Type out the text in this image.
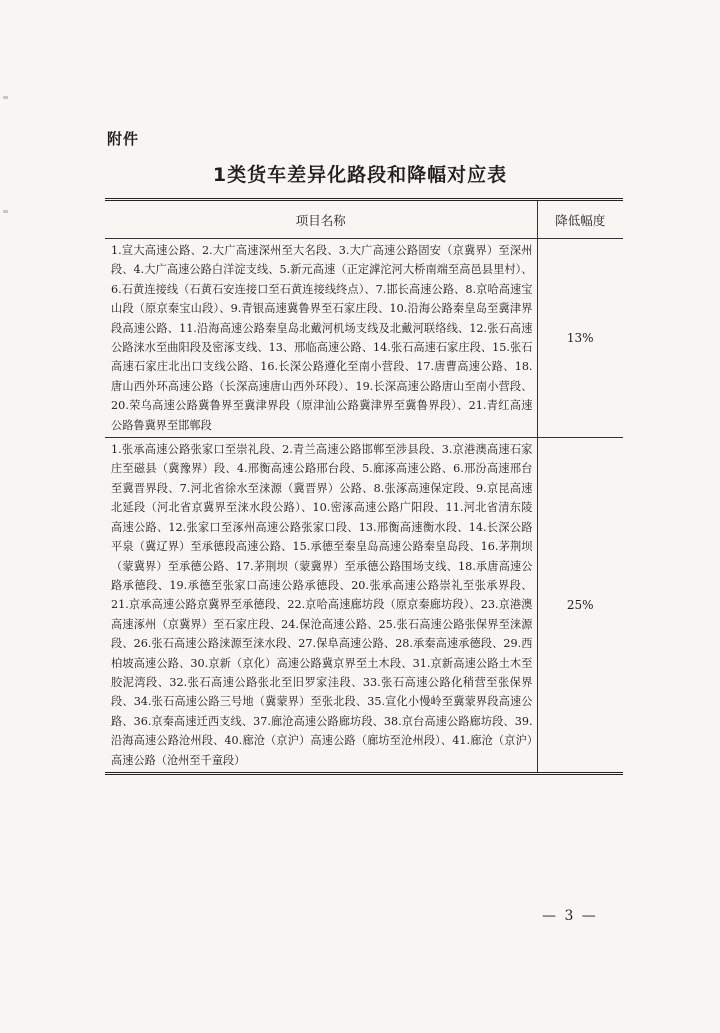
附件
1类货车差异化路段和降幅对应表
项目名称	降低幅度
1.宣大高速公路、2.大广高速深州至大名段、3.大广高速公路固安（京冀界）至深州段、4.大广高速公路白洋淀支线、5.新元高速（正定滹沱河大桥南端至高邑县里村）、6.石黄连接线（石黄石安连接口至石黄连接线终点）、7.邯长高速公路、8.京哈高速宝山段（原京秦宝山段）、9.青银高速冀鲁界至石家庄段、10.沿海公路秦皇岛至冀津界段高速公路、11.沿海高速公路秦皇岛北戴河机场支线及北戴河联络线、12.张石高速公路涞水至曲阳段及密涿支线、13、邢临高速公路、14.张石高速石家庄段、15.张石高速石家庄北出口支线公路、16.长深公路遵化至南小营段、17.唐曹高速公路、18.唐山西外环高速公路（长深高速唐山西外环段）、19.长深高速公路唐山至南小营段、20.荣乌高速公路冀鲁界至冀津界段（原津汕公路冀津界至冀鲁界段）、21.青红高速公路鲁冀界至邯郸段	13%
1.张承高速公路张家口至崇礼段、2.青兰高速公路邯郸至涉县段、3.京港澳高速石家庄至磁县（冀豫界）段、4.邢衡高速公路邢台段、5.廊涿高速公路、6.邢汾高速邢台至冀晋界段、7.河北省徐水至涞源（冀晋界）公路、8.张涿高速保定段、9.京昆高速北延段（河北省京冀界至涞水段公路）、10.密涿高速公路广阳段、11.河北省清东陵高速公路、12.张家口至涿州高速公路张家口段、13.邢衡高速衡水段、14.长深公路平泉（冀辽界）至承德段高速公路、15.承德至秦皇岛高速公路秦皇岛段、16.茅荆坝（蒙冀界）至承德公路、17.茅荆坝（蒙冀界）至承德公路围场支线、18.承唐高速公路承德段、19.承德至张家口高速公路承德段、20.张承高速公路崇礼至张承界段、21.京承高速公路京冀界至承德段、22.京哈高速廊坊段（原京秦廊坊段）、23.京港澳高速涿州（京冀界）至石家庄段、24.保沧高速公路、25.张石高速公路张保界至涞源段、26.张石高速公路涞源至涞水段、27.保阜高速公路、28.承秦高速承德段、29.西柏坡高速公路、30.京新（京化）高速公路冀京界至土木段、31.京新高速公路土木至胶泥湾段、32.张石高速公路张北至旧罗家洼段、33.张石高速公路化稍营至张保界段、34.张石高速公路三号地（冀蒙界）至张北段、35.宣化小慢岭至冀蒙界段高速公路、36.京秦高速迁西支线、37.廊沧高速公路廊坊段、38.京台高速公路廊坊段、39.沿海高速公路沧州段、40.廊沧（京沪）高速公路（廊坊至沧州段）、41.廊沧（京沪）高速公路（沧州至千童段）	25%
— 3 —
